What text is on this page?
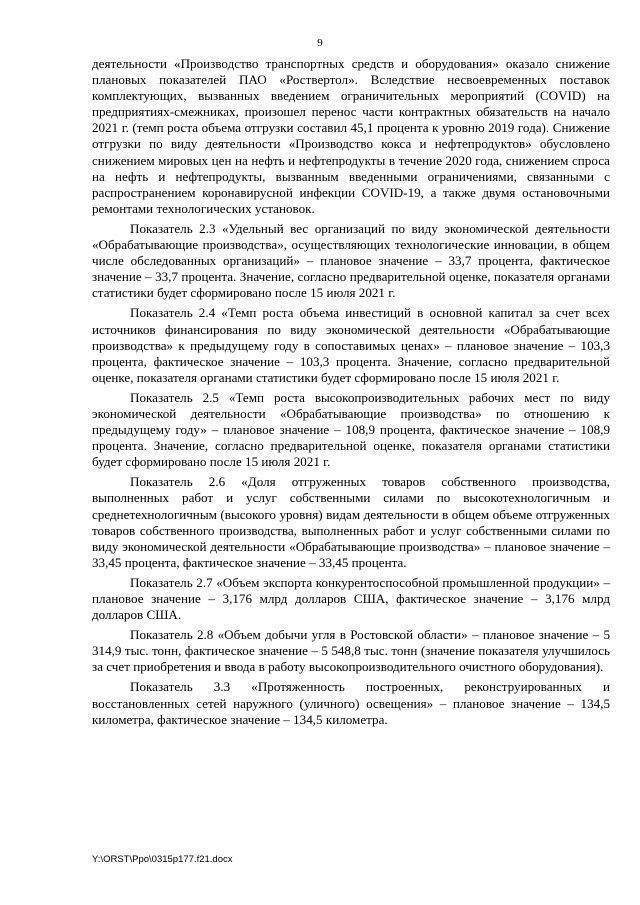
9

деятельности «Производство транспортных средств и оборудования» оказало снижение плановых показателей ПАО «Роствертол». Вследствие несвоевременных поставок комплектующих, вызванных введением ограничительных мероприятий (COVID) на предприятиях-смежниках, произошел перенос части контрактных обязательств на начало 2021 г. (темп роста объема отгрузки составил 45,1 процента к уровню 2019 года). Снижение отгрузки по виду деятельности «Производство кокса и нефтепродуктов» обусловлено снижением мировых цен на нефть и нефтепродукты в течение 2020 года, снижением спроса на нефть и нефтепродукты, вызванным введенными ограничениями, связанными с распространением коронавирусной инфекции COVID-19, а также двумя остановочными ремонтами технологических установок.

Показатель 2.3 «Удельный вес организаций по виду экономической деятельности «Обрабатывающие производства», осуществляющих технологические инновации, в общем числе обследованных организаций» – плановое значение – 33,7 процента, фактическое значение – 33,7 процента. Значение, согласно предварительной оценке, показателя органами статистики будет сформировано после 15 июля 2021 г.

Показатель 2.4 «Темп роста объема инвестиций в основной капитал за счет всех источников финансирования по виду экономической деятельности «Обрабатывающие производства» к предыдущему году в сопоставимых ценах» – плановое значение – 103,3 процента, фактическое значение – 103,3 процента. Значение, согласно предварительной оценке, показателя органами статистики будет сформировано после 15 июля 2021 г.

Показатель 2.5 «Темп роста высокопроизводительных рабочих мест по виду экономической деятельности «Обрабатывающие производства» по отношению к предыдущему году» – плановое значение – 108,9 процента, фактическое значение – 108,9 процента. Значение, согласно предварительной оценке, показателя органами статистики будет сформировано после 15 июля 2021 г.

Показатель 2.6 «Доля отгруженных товаров собственного производства, выполненных работ и услуг собственными силами по высокотехнологичным и среднетехнологичным (высокого уровня) видам деятельности в общем объеме отгруженных товаров собственного производства, выполненных работ и услуг собственными силами по виду экономической деятельности «Обрабатывающие производства» – плановое значение – 33,45 процента, фактическое значение – 33,45 процента.

Показатель 2.7 «Объем экспорта конкурентоспособной промышленной продукции» – плановое значение – 3,176 млрд долларов США, фактическое значение – 3,176 млрд долларов США.

Показатель 2.8 «Объем добычи угля в Ростовской области» – плановое значение – 5 314,9 тыс. тонн, фактическое значение – 5 548,8 тыс. тонн (значение показателя улучшилось за счет приобретения и ввода в работу высокопроизводительного очистного оборудования).

Показатель 3.3 «Протяженность построенных, реконструированных и восстановленных сетей наружного (уличного) освещения» – плановое значение – 134,5 километра, фактическое значение – 134,5 километра.

Y:\ORST\Ppo\0315p177.f21.docx
